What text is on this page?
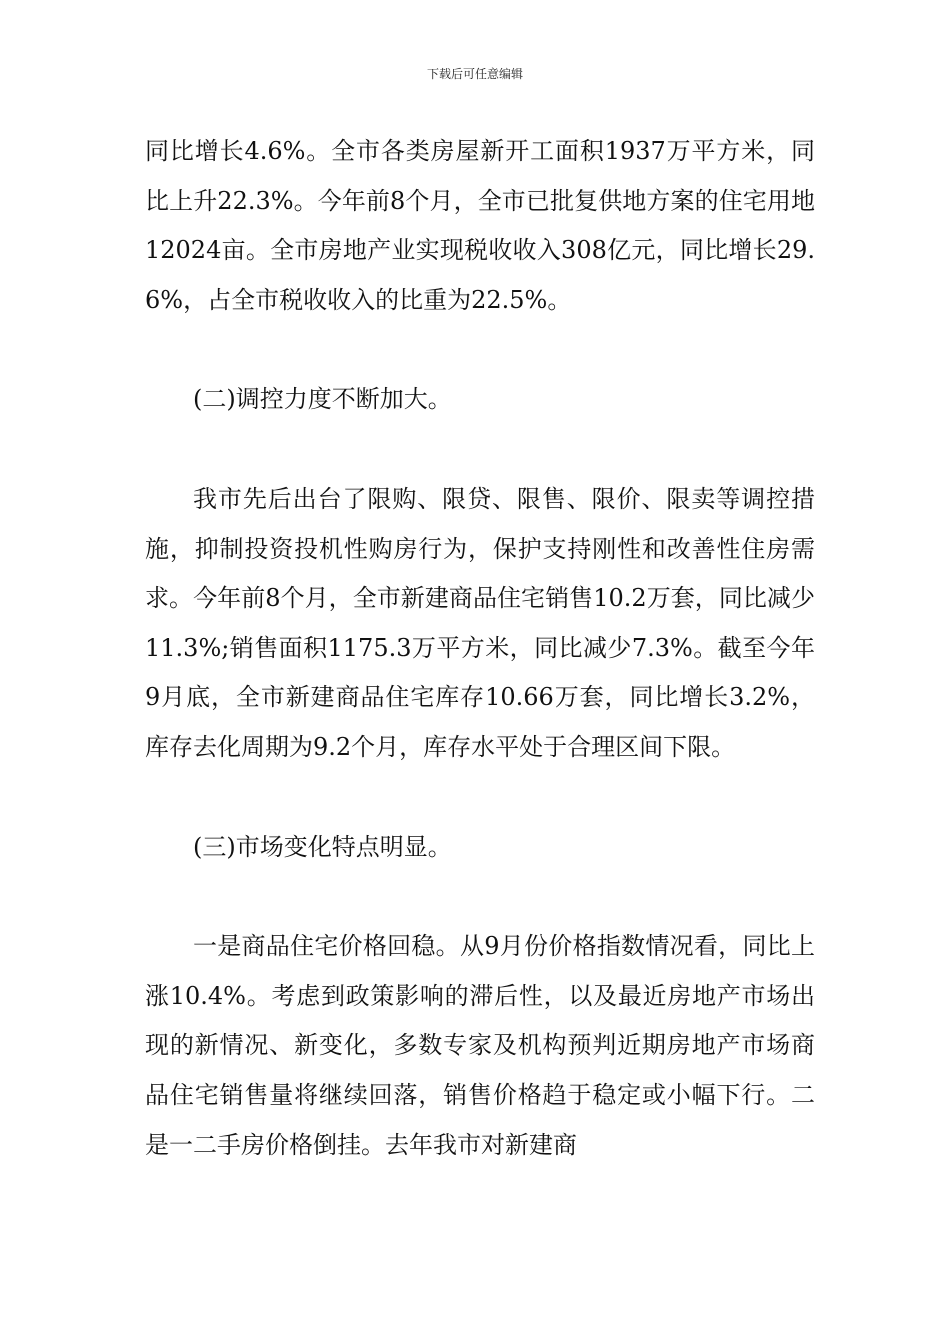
下载后可任意编辑

同比增长4.6%。全市各类房屋新开工面积1937万平方米，同比上升22.3%。今年前8个月，全市已批复供地方案的住宅用地12024亩。全市房地产业实现税收收入308亿元，同比增长29.6%，占全市税收收入的比重为22.5%。

(二)调控力度不断加大。

我市先后出台了限购、限贷、限售、限价、限卖等调控措施，抑制投资投机性购房行为，保护支持刚性和改善性住房需求。今年前8个月，全市新建商品住宅销售10.2万套，同比减少11.3%;销售面积1175.3万平方米，同比减少7.3%。截至今年9月底，全市新建商品住宅库存10.66万套，同比增长3.2%，库存去化周期为9.2个月，库存水平处于合理区间下限。

(三)市场变化特点明显。

一是商品住宅价格回稳。从9月份价格指数情况看，同比上涨10.4%。考虑到政策影响的滞后性，以及最近房地产市场出现的新情况、新变化，多数专家及机构预判近期房地产市场商品住宅销售量将继续回落，销售价格趋于稳定或小幅下行。二是一二手房价格倒挂。去年我市对新建商
